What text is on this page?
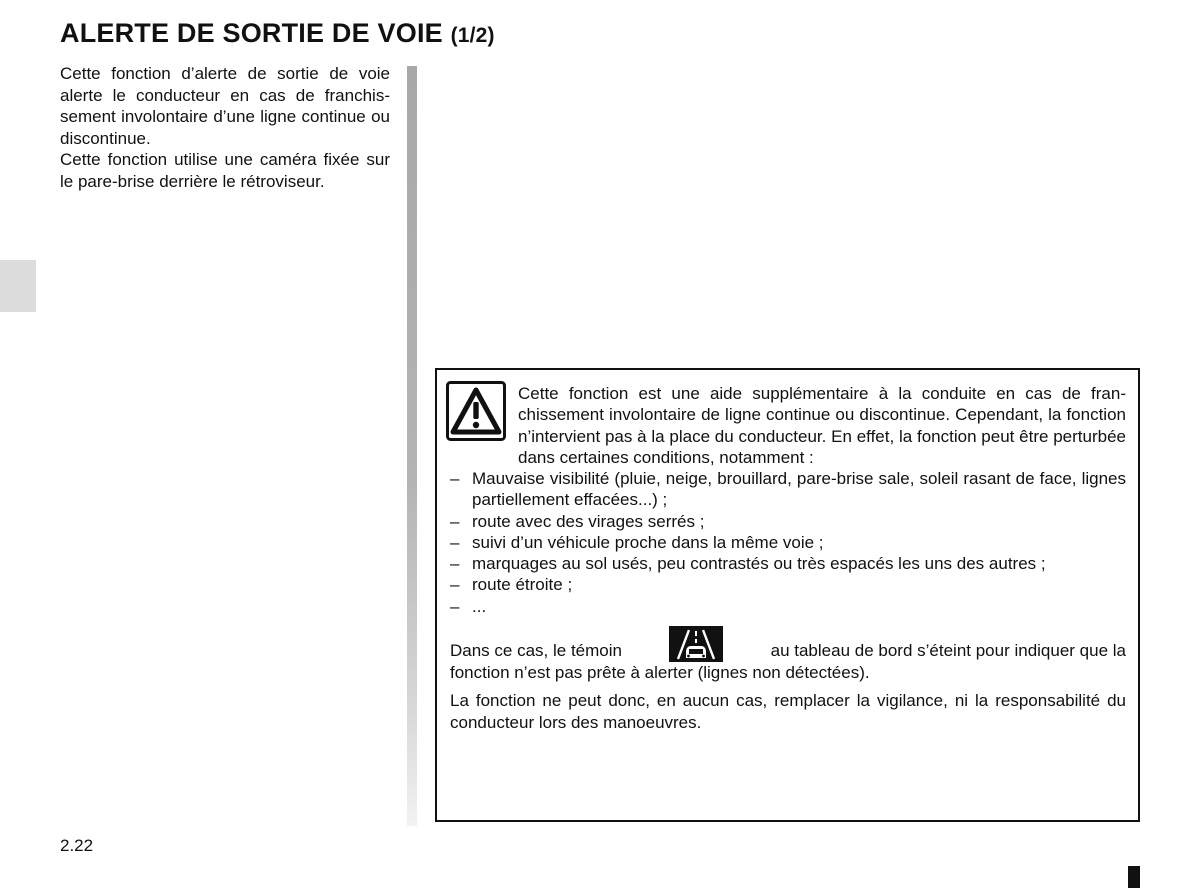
ALERTE DE SORTIE DE VOIE (1/2)

Cette fonction d’alerte de sortie de voie alerte le conducteur en cas de franchissement involontaire d’une ligne continue ou discontinue.

Cette fonction utilise une caméra fixée sur le pare-brise derrière le rétroviseur.

Cette fonction est une aide supplémentaire à la conduite en cas de franchissement involontaire de ligne continue ou discontinue. Cependant, la fonction n’intervient pas à la place du conducteur. En effet, la fonction peut être perturbée dans certaines conditions, notamment :
– Mauvaise visibilité (pluie, neige, brouillard, pare-brise sale, soleil rasant de face, lignes partiellement effacées...) ;
– route avec des virages serrés ;
– suivi d’un véhicule proche dans la même voie ;
– marquages au sol usés, peu contrastés ou très espacés les uns des autres ;
– route étroite ;
– ...
Dans ce cas, le témoin	au tableau de bord s’éteint pour indiquer que la
fonction n’est pas prête à alerter (lignes non détectées).
La fonction ne peut donc, en aucun cas, remplacer la vigilance, ni la responsabilité du conducteur lors des manoeuvres.
2.22
